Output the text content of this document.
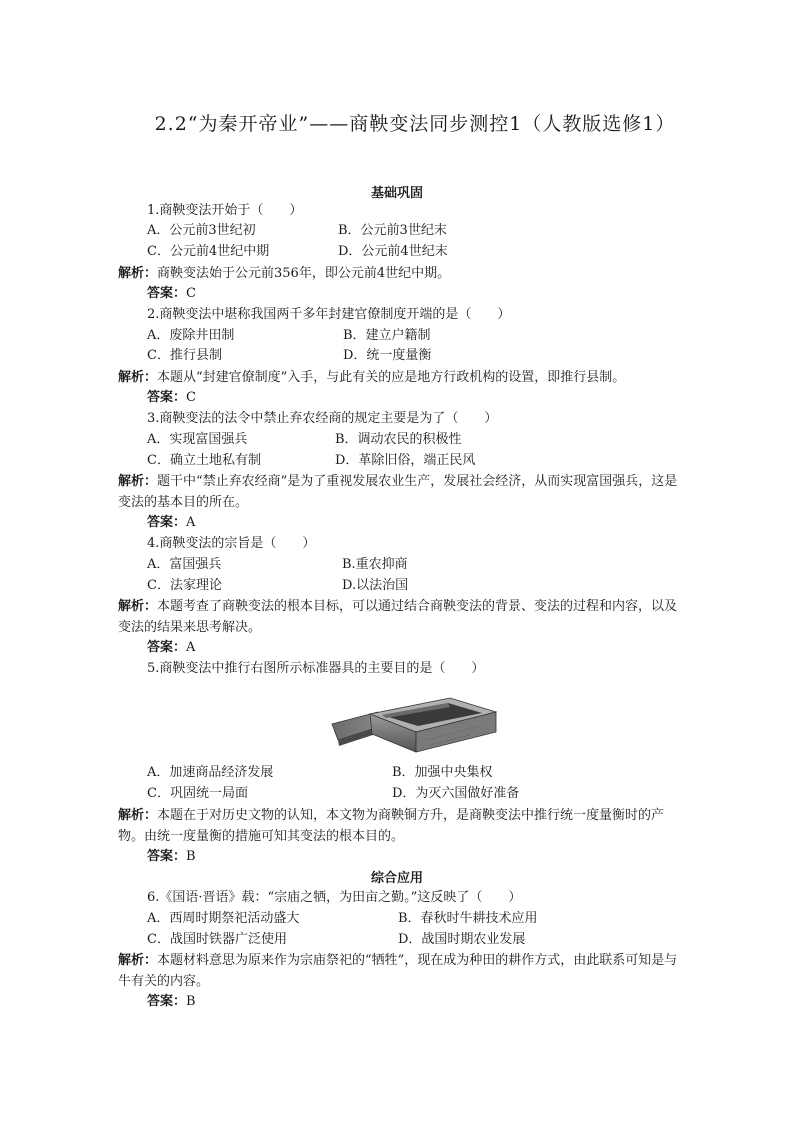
2.2“为秦开帝业”——商鞅变法同步测控1（人教版选修1）
基础巩固
1.商鞅变法开始于（　　）
A．公元前3世纪初	B．公元前3世纪末
C．公元前4世纪中期	D．公元前4世纪末
解析：商鞅变法始于公元前356年，即公元前4世纪中期。
答案：C
2.商鞅变法中堪称我国两千多年封建官僚制度开端的是（　　）
A．废除井田制	B．建立户籍制
C．推行县制	D．统一度量衡
解析：本题从“封建官僚制度”入手，与此有关的应是地方行政机构的设置，即推行县制。
答案：C
3.商鞅变法的法令中禁止弃农经商的规定主要是为了（　　）
A．实现富国强兵	B．调动农民的积极性
C．确立土地私有制	D．革除旧俗，端正民风
解析：题干中“禁止弃农经商”是为了重视发展农业生产，发展社会经济，从而实现富国强兵，这是变法的基本目的所在。
答案：A
4.商鞅变法的宗旨是（　　）
A．富国强兵	B.重农抑商
C．法家理论	D.以法治国
解析：本题考查了商鞅变法的根本目标，可以通过结合商鞅变法的背景、变法的过程和内容，以及变法的结果来思考解决。
答案：A
5.商鞅变法中推行右图所示标准器具的主要目的是（　　）
A．加速商品经济发展	B．加强中央集权
C．巩固统一局面	D．为灭六国做好准备
解析：本题在于对历史文物的认知，本文物为商鞅铜方升，是商鞅变法中推行统一度量衡时的产物。由统一度量衡的措施可知其变法的根本目的。
答案：B
综合应用
6.《国语·晋语》载：“宗庙之牺，为田亩之勤。”这反映了（　　）
A．西周时期祭祀活动盛大	B．春秋时牛耕技术应用
C．战国时铁器广泛使用	D．战国时期农业发展
解析：本题材料意思为原来作为宗庙祭祀的“牺牲”，现在成为种田的耕作方式，由此联系可知是与牛有关的内容。
答案：B
